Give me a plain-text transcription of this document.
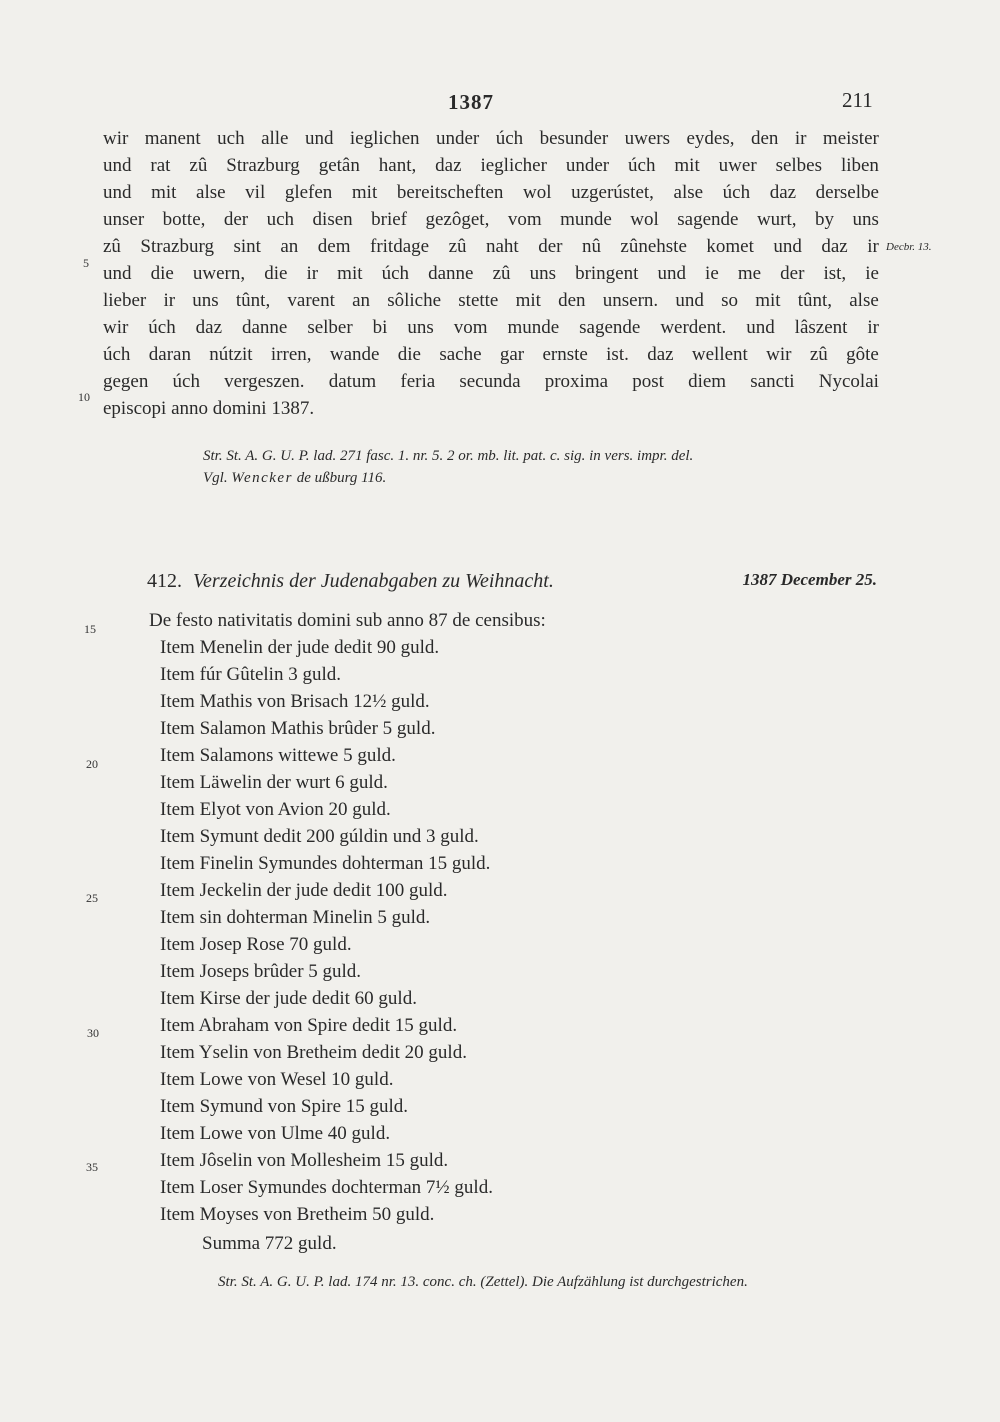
1387	211
wir manent uch alle und ieglichen under úch besunder uwers eydes, den ir meister
und rat zû Strazburg getân hant, daz ieglicher under úch mit uwer selbes liben
und mit alse vil glefen mit bereitscheften wol uzgerústet, alse úch daz derselbe
unser botte, der uch disen brief gezôget, vom munde wol sagende wurt, by uns
zû Strazburg sint an dem fritdage zû naht der nû zûnehste komet und daz ir
und die uwern, die ir mit úch danne zû uns bringent und ie me der ist, ie
lieber ir uns tûnt, varent an sôliche stette mit den unsern. und so mit tûnt, alse
wir úch daz danne selber bi uns vom munde sagende werdent. und lâszent ir
úch daran nútzit irren, wande die sache gar ernste ist. daz wellent wir zû gôte
gegen úch vergeszen. datum feria secunda proxima post diem sancti Nycolai
episcopi anno domini 1387.
Decbr. 13.
Str. St. A. G. U. P. lad. 271 fasc. 1. nr. 5. 2 or. mb. lit. pat. c. sig. in vers. impr. del.
Vgl. Wencker de ußburg 116.
412. Verzeichnis der Judenabgaben zu Weihnacht.	1387 December 25.
De festo nativitatis domini sub anno 87 de censibus:
Item Menelin der jude dedit 90 guld.
Item fúr Gûtelin 3 guld.
Item Mathis von Brisach 12½ guld.
Item Salamon Mathis brûder 5 guld.
Item Salamons wittewe 5 guld.
Item Läwelin der wurt 6 guld.
Item Elyot von Avion 20 guld.
Item Symunt dedit 200 gúldin und 3 guld.
Item Finelin Symundes dohterman 15 guld.
Item Jeckelin der jude dedit 100 guld.
Item sin dohterman Minelin 5 guld.
Item Josep Rose 70 guld.
Item Joseps brûder 5 guld.
Item Kirse der jude dedit 60 guld.
Item Abraham von Spire dedit 15 guld.
Item Yselin von Bretheim dedit 20 guld.
Item Lowe von Wesel 10 guld.
Item Symund von Spire 15 guld.
Item Lowe von Ulme 40 guld.
Item Jôselin von Mollesheim 15 guld.
Item Loser Symundes dochterman 7½ guld.
Item Moyses von Bretheim 50 guld.
Summa 772 guld.
Str. St. A. G. U. P. lad. 174 nr. 13. conc. ch. (Zettel). Die Aufzählung ist durchgestrichen.
5
10
15
20
25
30
35
